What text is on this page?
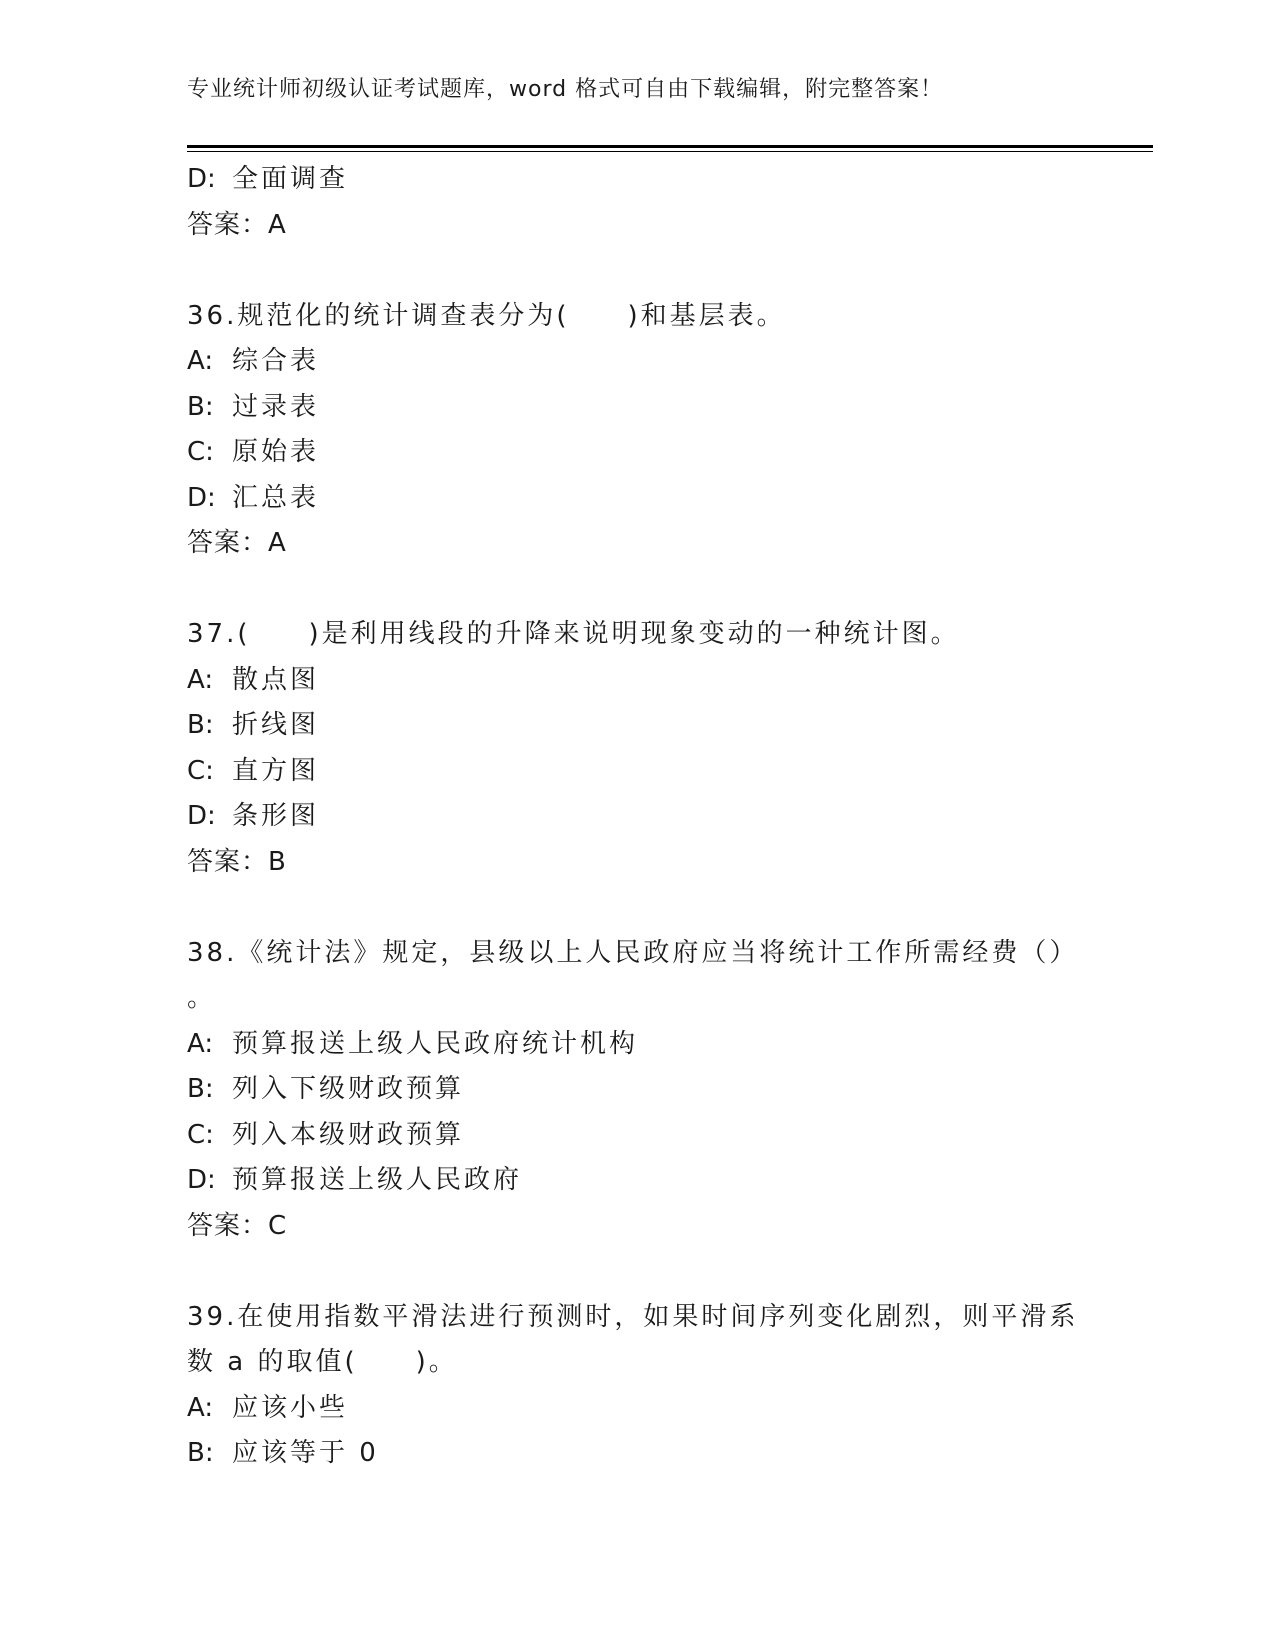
专业统计师初级认证考试题库，word 格式可自由下载编辑，附完整答案！
D: 全面调查
答案：A
36.规范化的统计调查表分为(　　)和基层表。
A: 综合表
B: 过录表
C: 原始表
D: 汇总表
答案：A
37.(　　)是利用线段的升降来说明现象变动的一种统计图。
A: 散点图
B: 折线图
C: 直方图
D: 条形图
答案：B
38.《统计法》规定，县级以上人民政府应当将统计工作所需经费（）
。
A: 预算报送上级人民政府统计机构
B: 列入下级财政预算
C: 列入本级财政预算
D: 预算报送上级人民政府
答案：C
39.在使用指数平滑法进行预测时，如果时间序列变化剧烈，则平滑系
数 a 的取值(　　)。
A: 应该小些
B: 应该等于 0
